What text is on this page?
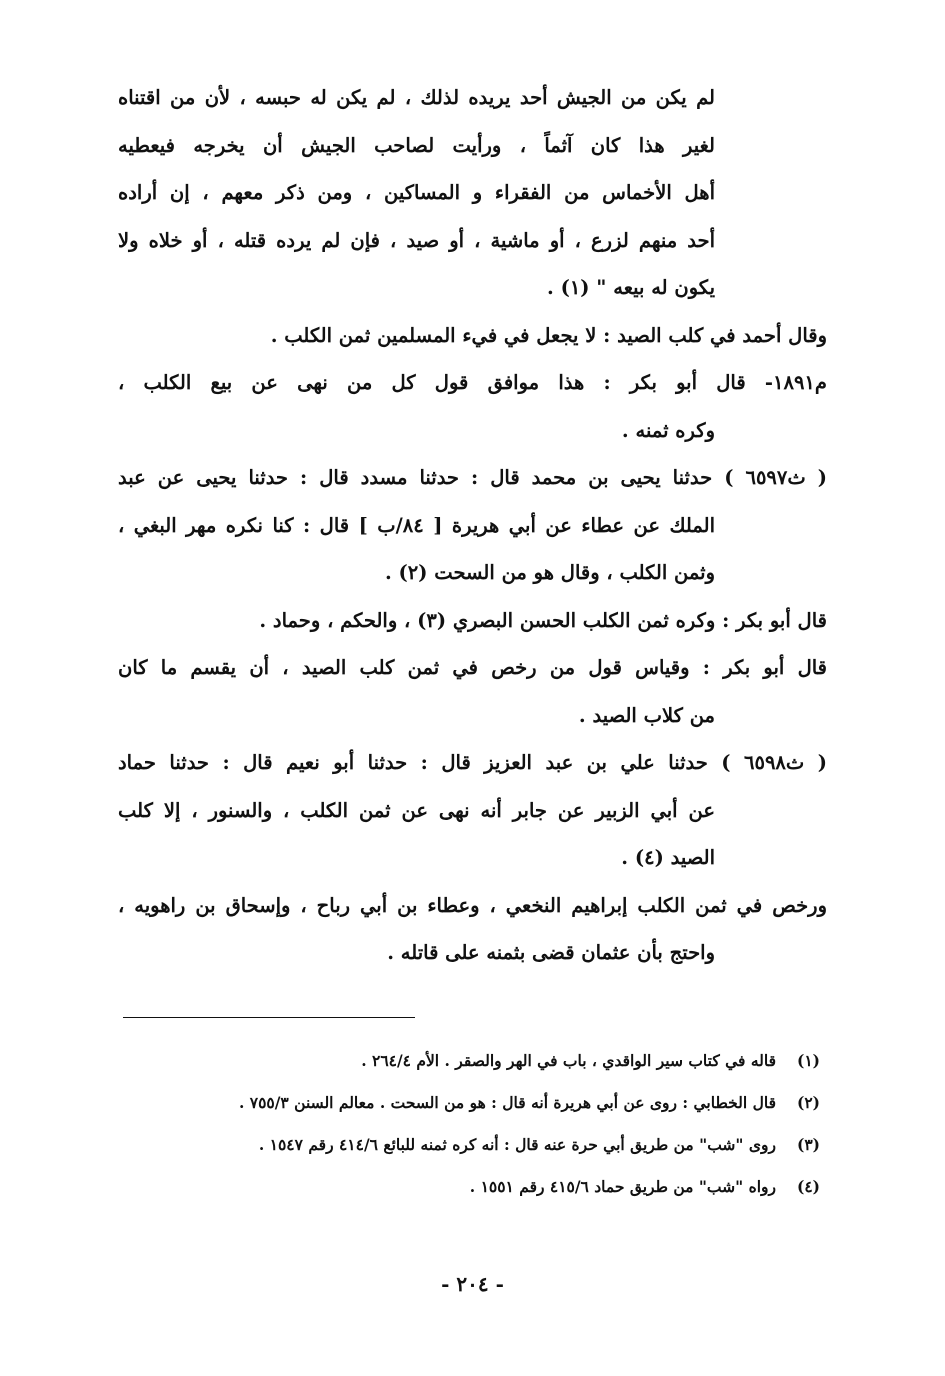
لم يكن من الجيش أحد يريده لذلك ، لم يكن له حبسه ، لأن من اقتناه
لغير هذا كان آثماً ، ورأيت لصاحب الجيش أن يخرجه فيعطيه
أهل الأخماس من الفقراء و المساكين ، ومن ذكر معهم ، إن أراده
أحد منهم لزرع ، أو ماشية ، أو صيد ، فإن لم يرده قتله ، أو خلاه ولا
يكون له بيعه " (١) .
وقال أحمد في كلب الصيد : لا يجعل في فيء المسلمين ثمن الكلب .
م١٨٩١- قال أبو بكر : هذا موافق قول كل من نهى عن بيع الكلب ،
وكره ثمنه .
( ث٦٥٩٧ ) حدثنا يحيى بن محمد قال : حدثنا مسدد قال : حدثنا يحيى عن عبد
الملك عن عطاء عن أبي هريرة [ ٨٤/ب ] قال : كنا نكره مهر البغي ،
وثمن الكلب ، وقال هو من السحت (٢) .
قال أبو بكر : وكره ثمن الكلب الحسن البصري (٣) ، والحكم ، وحماد .
قال أبو بكر : وقياس قول من رخص في ثمن كلب الصيد ، أن يقسم ما كان
من كلاب الصيد .
( ث٦٥٩٨ ) حدثنا علي بن عبد العزيز قال : حدثنا أبو نعيم قال : حدثنا حماد
عن أبي الزبير عن جابر أنه نهى عن ثمن الكلب ، والسنور ، إلا كلب
الصيد (٤) .
ورخص في ثمن الكلب إبراهيم النخعي ، وعطاء بن أبي رباح ، وإسحاق بن راهويه ،
واحتج بأن عثمان قضى بثمنه على قاتله .
(١)قاله في كتاب سير الواقدي ، باب في الهر والصقر . الأم ٢٦٤/٤ .
(٢)قال الخطابي : روى عن أبي هريرة أنه قال : هو من السحت . معالم السنن ٧٥٥/٣ .
(٣)روى "شب" من طريق أبي حرة عنه قال : أنه كره ثمنه للبائع ٤١٤/٦ رقم ١٥٤٧ .
(٤)رواه "شب" من طريق حماد ٤١٥/٦ رقم ١٥٥١ .
- ٢٠٤ -
